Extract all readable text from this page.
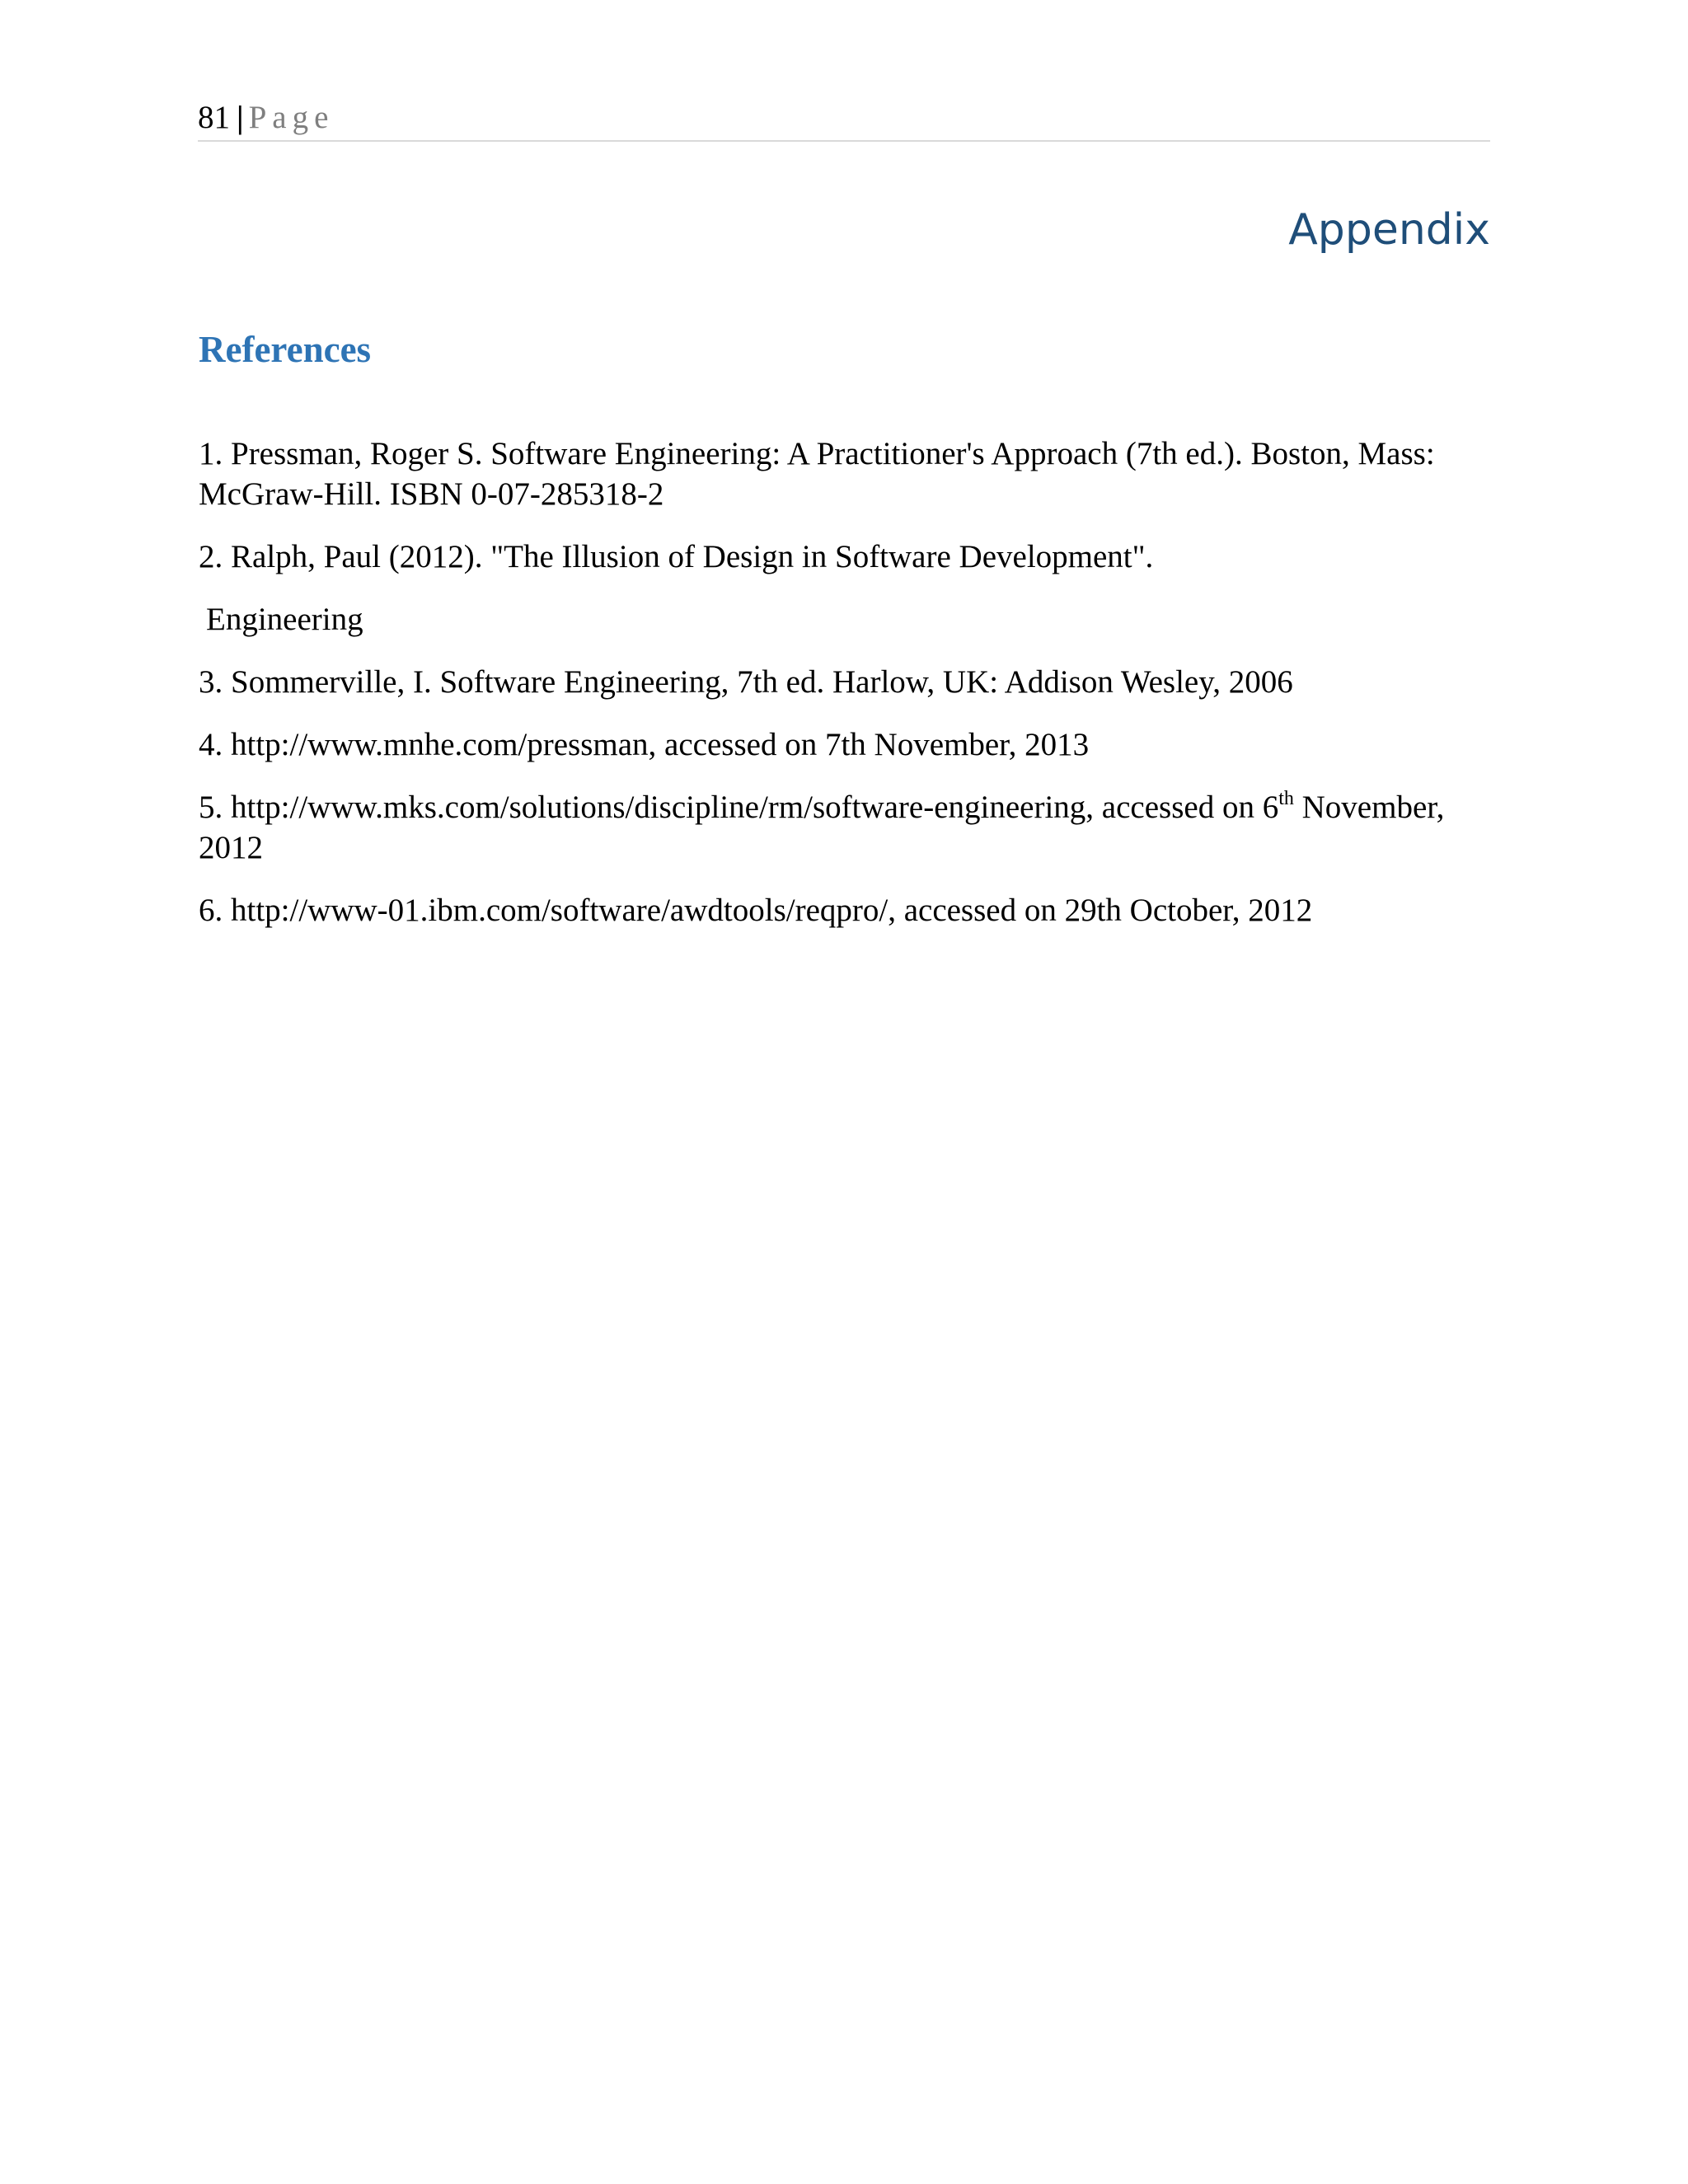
81 | Page
Appendix
References
1. Pressman, Roger S. Software Engineering: A Practitioner's Approach (7th ed.). Boston, Mass: McGraw-Hill. ISBN 0-07-285318-2
2. Ralph, Paul (2012). "The Illusion of Design in Software Development".
Engineering
3. Sommerville, I. Software Engineering, 7th ed. Harlow, UK: Addison Wesley, 2006
4. http://www.mnhe.com/pressman, accessed on 7th November, 2013
5. http://www.mks.com/solutions/discipline/rm/software-engineering, accessed on 6th November, 2012
6. http://www-01.ibm.com/software/awdtools/reqpro/, accessed on 29th October, 2012
